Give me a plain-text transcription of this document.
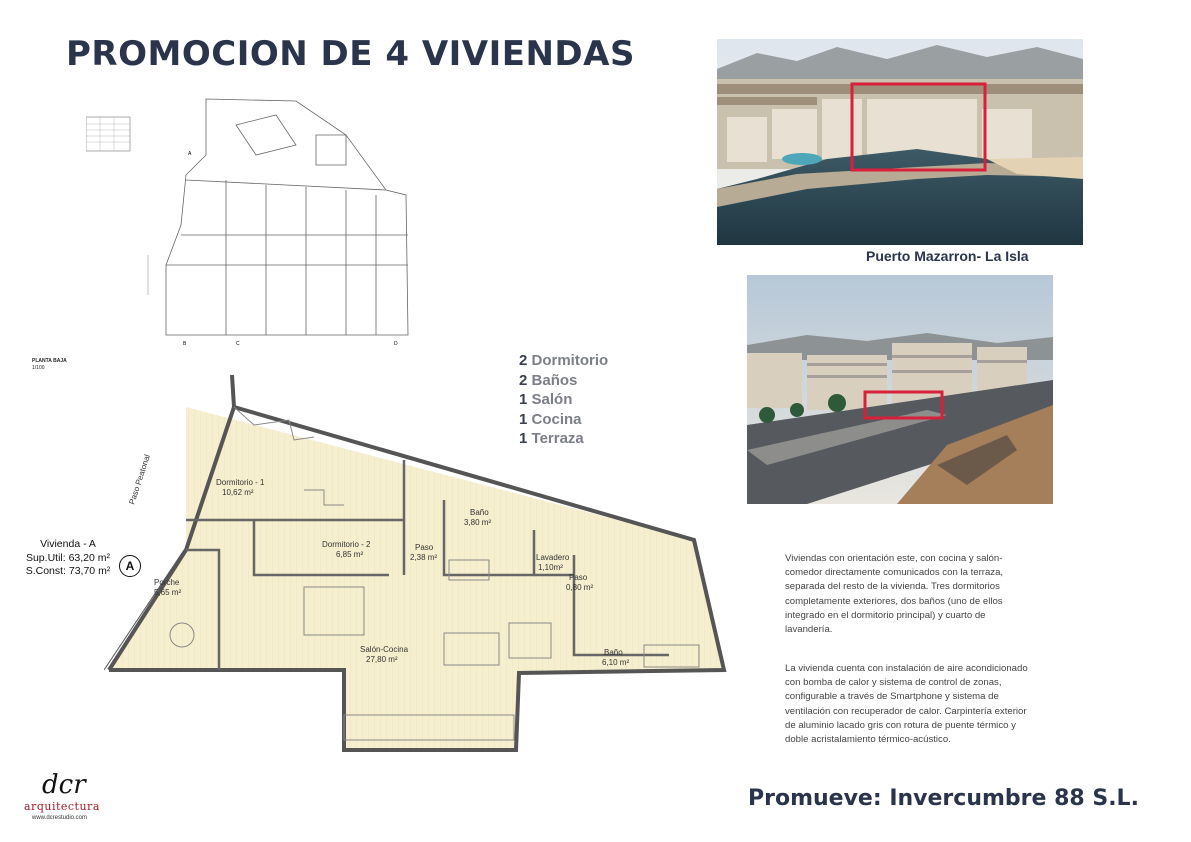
PROMOCION DE 4 VIVIENDAS
A
B	C	D
PLANTA BAJA
1/100
Puerto Mazarron- La Isla
2 Dormitorio
2 Baños
1 Salón
1 Cocina
1 Terraza
Dormitorio - 1
10,62 m²
Dormitorio - 2
6,85 m²
Baño
3,80 m²
Paso
2,38 m²	Lavadero
1,10m²
Paso
0,80 m²
Porche
5,65 m²
Salón-Cocina
27,80 m²
Baño
6,10 m²
Paso Peatonal
Vivienda - A
Sup.Util: 63,20 m²
S.Const: 73,70 m²	A
Viviendas con orientación este, con cocina y salón-comedor directamente comunicados con la terraza, separada del resto de la vivienda. Tres dormitorios completamente exteriores, dos baños (uno de ellos integrado en el dormitorio principal) y cuarto de lavandería.
La vivienda cuenta con instalación de aire acondicionado con bomba de calor y sistema de control de zonas, configurable a través de Smartphone y sistema de ventilación con recuperador de calor. Carpintería exterior de aluminio lacado gris con rotura de puente térmico y doble acristalamiento térmico-acústico.
Promueve: Invercumbre 88 S.L.
dcr
arquitectura
www.dcrestudio.com
